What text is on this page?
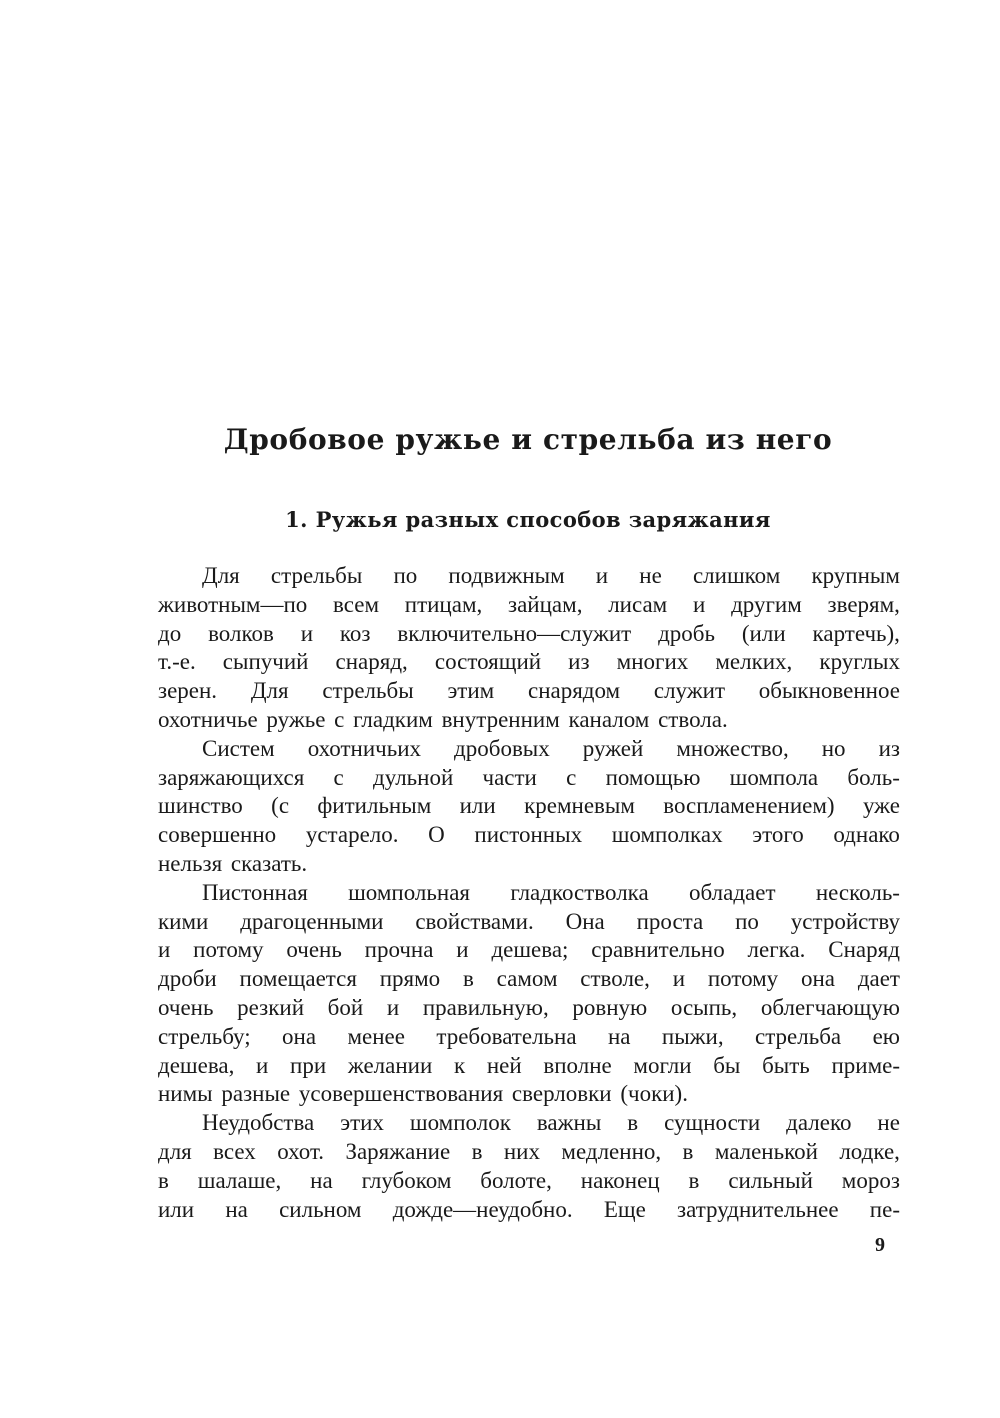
Дробовое ружье и стрельба из него
1. Ружья разных способов заряжания
Для стрельбы по подвижным и не слишком крупным
животным—по всем птицам, зайцам, лисам и другим зверям,
до волков и коз включительно—служит дробь (или картечь),
т.-е. сыпучий снаряд, состоящий из многих мелких, круглых
зерен. Для стрельбы этим снарядом служит обыкновенное
охотничье ружье с гладким внутренним каналом ствола.
Систем охотничьих дробовых ружей множество, но из
заряжающихся с дульной части с помощью шомпола боль-
шинство (с фитильным или кремневым воспламенением) уже
совершенно устарело. О пистонных шомполках этого однако
нельзя сказать.
Пистонная шомпольная гладкостволка обладает несколь-
кими драгоценными свойствами. Она проста по устройству
и потому очень прочна и дешева; сравнительно легка. Снаряд
дроби помещается прямо в самом стволе, и потому она дает
очень резкий бой и правильную, ровную осыпь, облегчающую
стрельбу; она менее требовательна на пыжи, стрельба ею
дешева, и при желании к ней вполне могли бы быть приме-
нимы разные усовершенствования сверловки (чоки).
Неудобства этих шомполок важны в сущности далеко не
для всех охот. Заряжание в них медленно, в маленькой лодке,
в шалаше, на глубоком болоте, наконец в сильный мороз
или на сильном дожде—неудобно. Еще затруднительнее пе-
9
